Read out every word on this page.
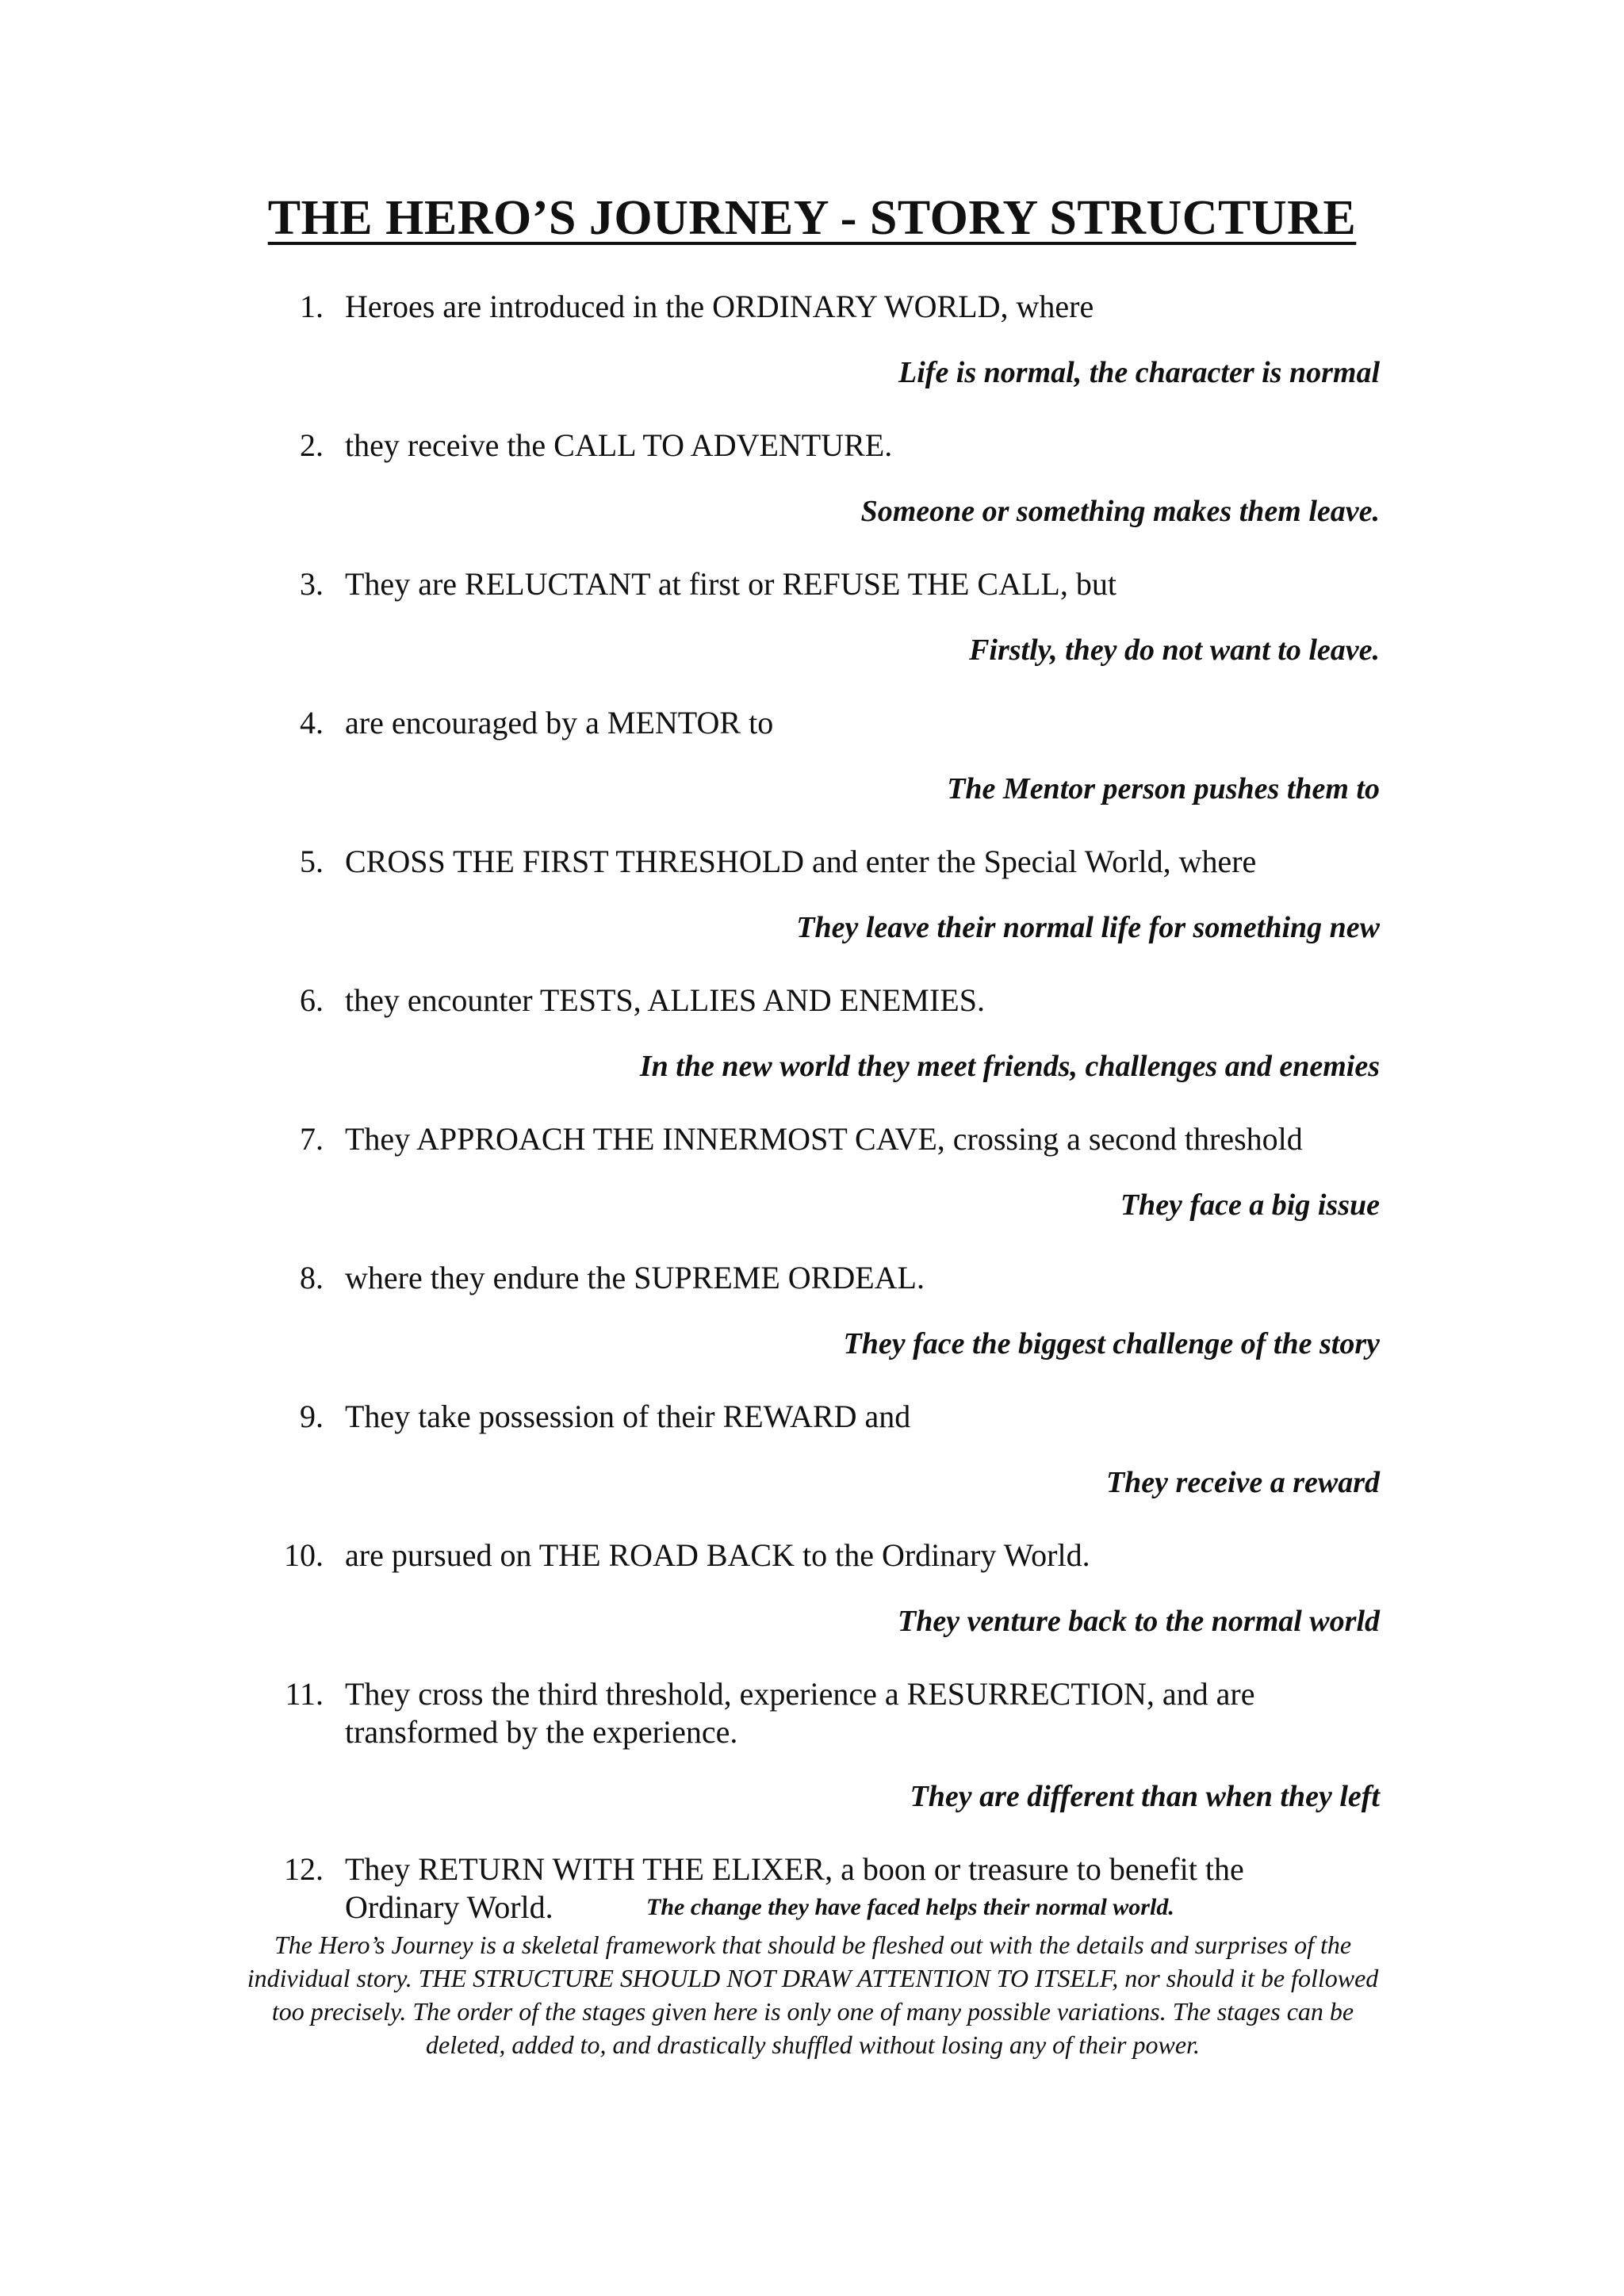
THE HERO’S JOURNEY - STORY STRUCTURE
1. Heroes are introduced in the ORDINARY WORLD, where
Life is normal, the character is normal
2. they receive the CALL TO ADVENTURE.
Someone or something makes them leave.
3. They are RELUCTANT at first or REFUSE THE CALL, but
Firstly, they do not want to leave.
4. are encouraged by a MENTOR to
The Mentor person pushes them to
5. CROSS THE FIRST THRESHOLD and enter the Special World, where
They leave their normal life for something new
6. they encounter TESTS, ALLIES AND ENEMIES.
In the new world they meet friends, challenges and enemies
7. They APPROACH THE INNERMOST CAVE, crossing a second threshold
They face a big issue
8. where they endure the SUPREME ORDEAL.
They face the biggest challenge of the story
9. They take possession of their REWARD and
They receive a reward
10. are pursued on THE ROAD BACK to the Ordinary World.
They venture back to the normal world
11. They cross the third threshold, experience a RESURRECTION, and are transformed by the experience.
They are different than when they left
12. They RETURN WITH THE ELIXER, a boon or treasure to benefit the Ordinary World.	The change they have faced helps their normal world.
The Hero’s Journey is a skeletal framework that should be fleshed out with the details and surprises of the individual story. THE STRUCTURE SHOULD NOT DRAW ATTENTION TO ITSELF, nor should it be followed too precisely. The order of the stages given here is only one of many possible variations. The stages can be deleted, added to, and drastically shuffled without losing any of their power.
